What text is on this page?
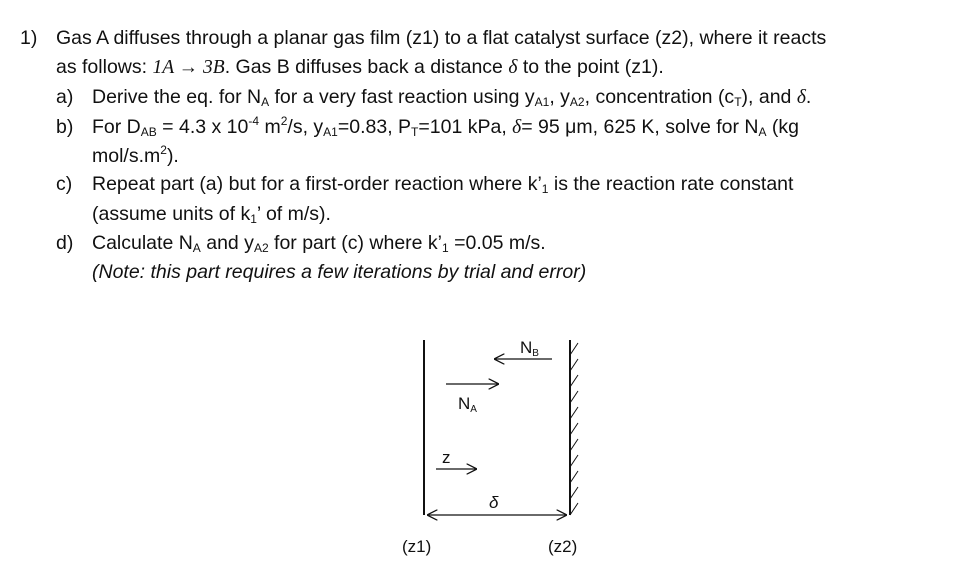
1) Gas A diffuses through a planar gas film (z1) to a flat catalyst surface (z2), where it reacts
as follows: 1A → 3B. Gas B diffuses back a distance δ to the point (z1).
a) Derive the eq. for NA for a very fast reaction using yA1, yA2, concentration (cT), and δ.
b) For DAB = 4.3 x $10^{-4}$ $m^2/s$, yA1=0.83, PT=101 kPa, δ= 95 μm, 625 K, solve for NA (kg
mol/$s.m^2$).
c) Repeat part (a) but for a first-order reaction where k’1 is the reaction rate constant
(assume units of k1’ of m/s).
d) Calculate NA and yA2 for part (c) where k’1 =0.05 m/s.
(Note: this part requires a few iterations by trial and error)
NB
NA
z
δ
(z1)	(z2)
